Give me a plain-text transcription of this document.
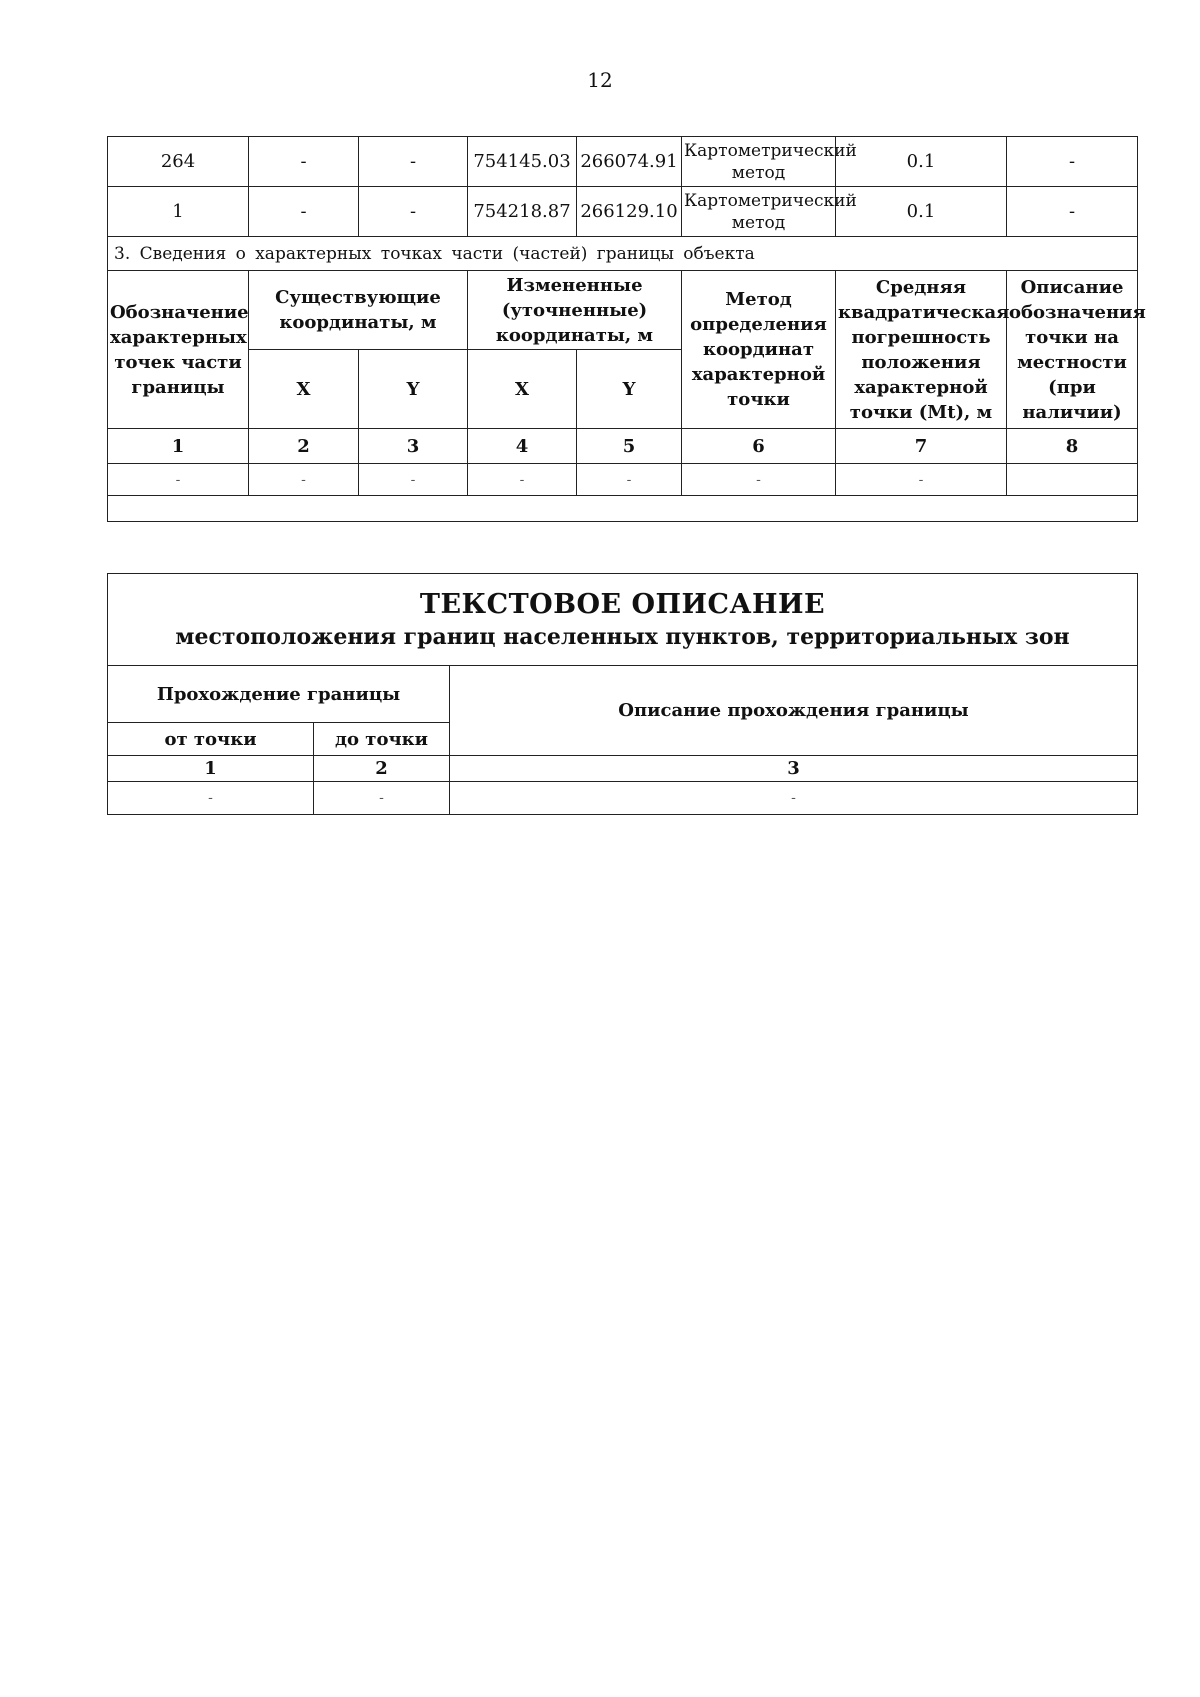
12
264	-	-	754145.03	266074.91	Картометрический метод	0.1	-
1	-	-	754218.87	266129.10	Картометрический метод	0.1	-
3. Сведения о характерных точках части (частей) границы объекта							
Обозначение характерных точек части границы	Существующие координаты, м		Измененные (уточненные) координаты, м		Метод определения координат характерной точки	Средняя квадратическая погрешность положения характерной точки (Mt), м	Описание обозначения точки на местности (при наличии)
	X	Y	X	Y			
1	2	3	4	5	6	7	8
-	-	-	-	-	-	-	

ТЕКСТОВОЕ ОПИСАНИЕ
местоположения границ населенных пунктов, территориальных зон		

Прохождение границы		Описание прохождения границы
от точки	до точки	
1	2	3
-	-	-
